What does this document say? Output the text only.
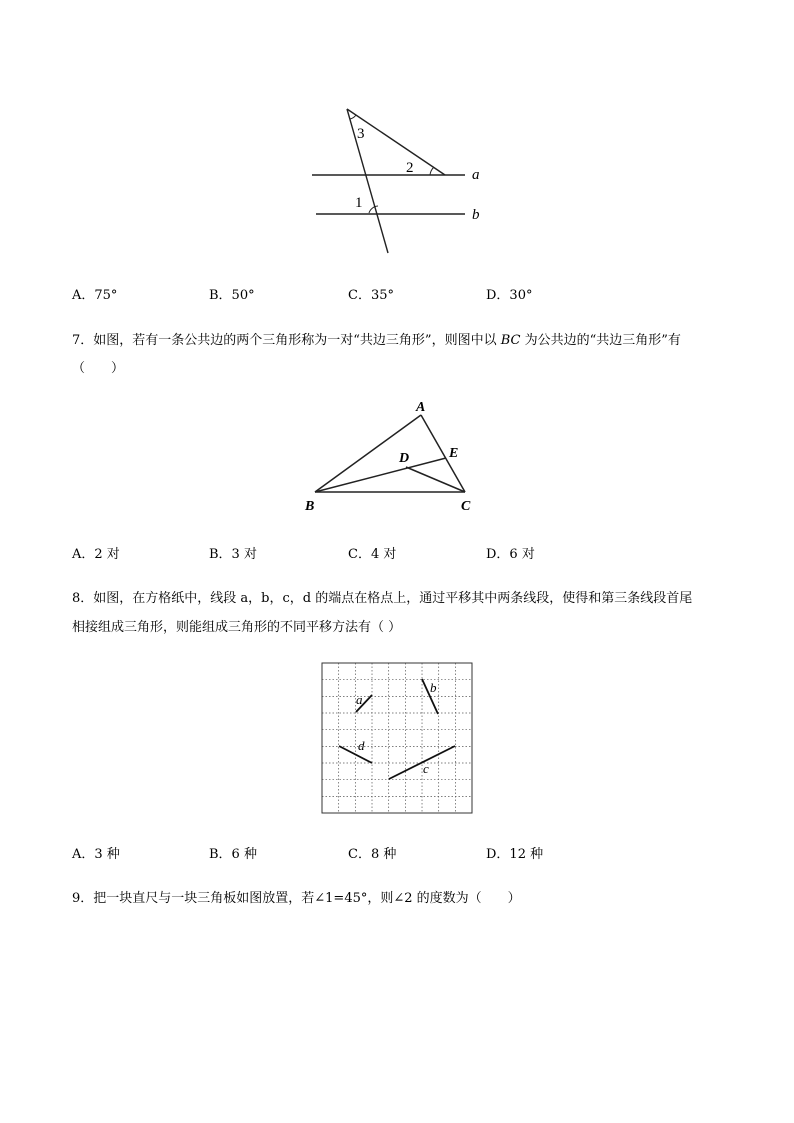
3
2
1
a
b
A．75°	B．50°	C．35°	D．30°
7．如图，若有一条公共边的两个三角形称为一对“共边三角形”，则图中以 BC 为公共边的“共边三角形”有
（　　）
A
B	C
D	E
A．2 对	B．3 对	C．4 对	D．6 对
8．如图，在方格纸中，线段 a，b，c，d 的端点在格点上，通过平移其中两条线段，使得和第三条线段首尾
相接组成三角形，则能组成三角形的不同平移方法有（ ）
a
b
d
c
A．3 种	B．6 种	C．8 种	D．12 种
9．把一块直尺与一块三角板如图放置，若∠1=45°，则∠2 的度数为（　　）
